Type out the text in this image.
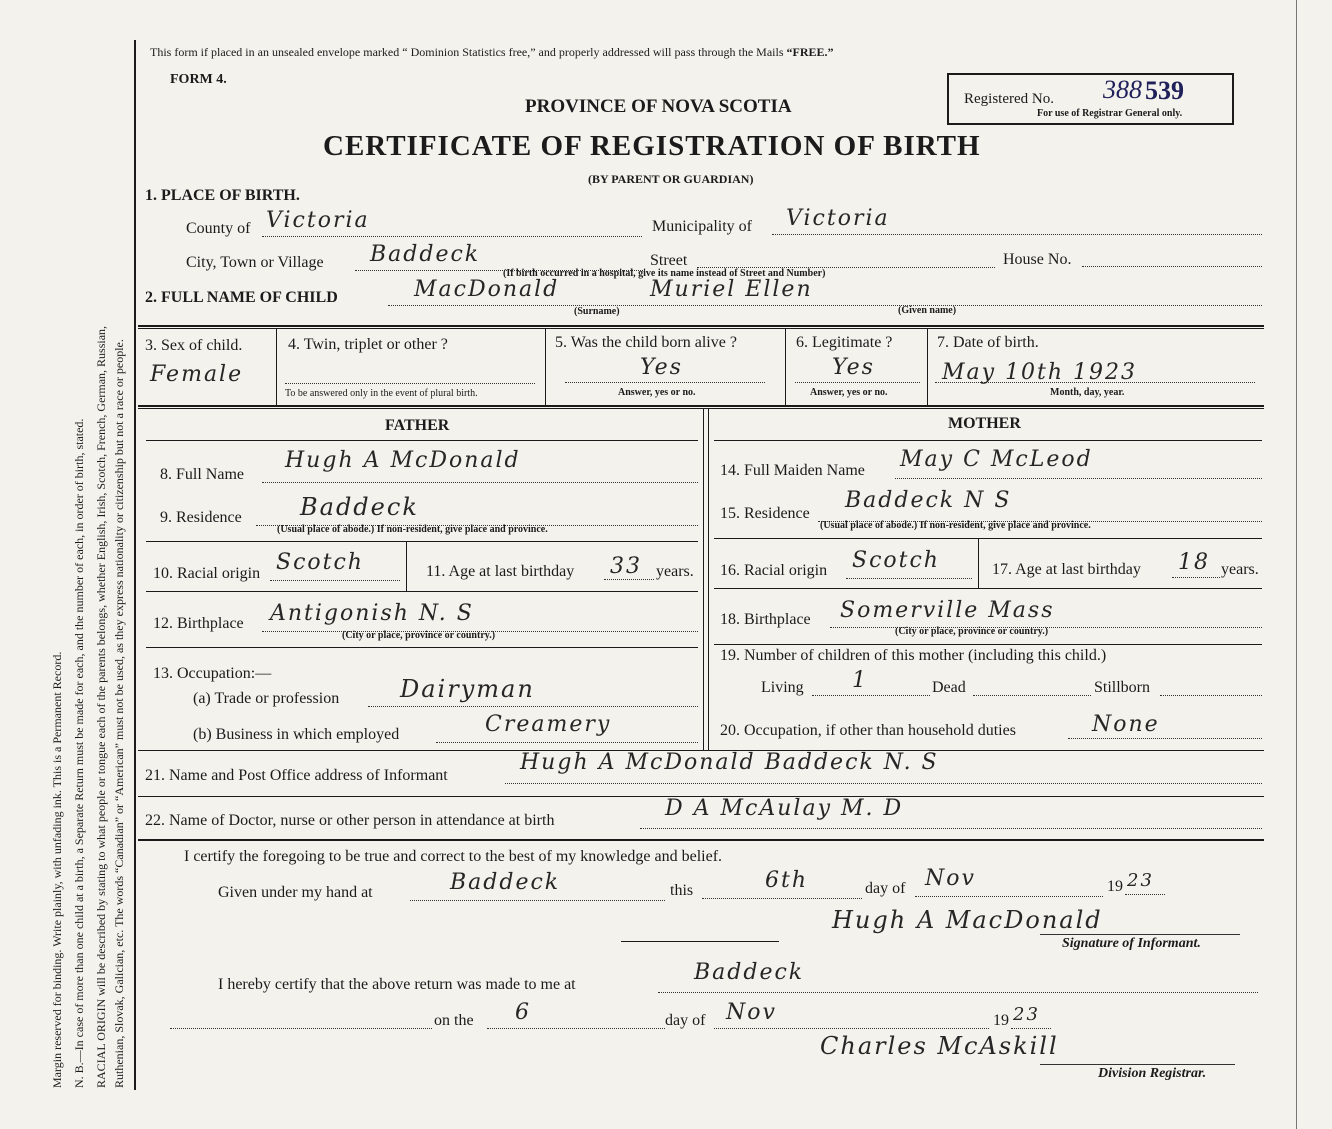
Margin reserved for binding. Write plainly, with unfading ink. This is a Permanent Record. N. B.—In case of more than one child at a birth, a Separate Return must be made for each, and the number of each, in order of birth, stated. RACIAL ORIGIN will be described by stating to what people or tongue each of the parents belongs, whether English, Irish, Scotch, French, German, Russian, Ruthenian, Slovak, Galician, etc. The words “Canadian” or “American” must not be used, as they express nationality or citizenship but not a race or people.
This form if placed in an unsealed envelope marked “ Dominion Statistics free,” and properly addressed will pass through the Mails “FREE.”
FORM 4.
PROVINCE OF NOVA SCOTIA
CERTIFICATE OF REGISTRATION OF BIRTH
(BY PARENT OR GUARDIAN)
Registered No. 388 539
For use of Registrar General only.
1. PLACE OF BIRTH.
County of Victoria	Municipality of Victoria
City, Town or Village Baddeck	Street	House No.
(If birth occurred in a hospital, give its name instead of Street and Number)
2. FULL NAME OF CHILD	MacDonald	Muriel Ellen
(Surname)	(Given name)
3. Sex of child.
Female
4. Twin, triplet or other ?
To be answered only in the event of plural birth.
5. Was the child born alive ?
Yes
Answer, yes or no.
6. Legitimate ?
Yes
Answer, yes or no.
7. Date of birth.
May 10th 1923
Month, day, year.
FATHER	MOTHER
8. Full Name
Hugh A McDonald
9. Residence Baddeck
(Usual place of abode.) If non-resident, give place and province.
10. Racial origin Scotch	11. Age at last birthday 33 years.
12. Birthplace Antigonish N. S
(City or place, province or country.)
13. Occupation:—
(a) Trade or profession	Dairyman
(b) Business in which employed	Creamery
14. Full Maiden Name May C McLeod
15. Residence
Baddeck N S
(Usual place of abode.) If non-resident, give place and province.
16. Racial origin Scotch	17. Age at last birthday 18 years.
18. Birthplace Somerville Mass
(City or place, province or country.)
19. Number of children of this mother (including this child.)
Living 1	Dead	Stillborn
20. Occupation, if other than household duties	None
21. Name and Post Office address of Informant
Hugh A McDonald Baddeck N. S
22. Name of Doctor, nurse or other person in attendance at birth	D A McAulay M. D
I certify the foregoing to be true and correct to the best of my knowledge and belief.
Given under my hand at	Baddeck	this	6th	day of Nov	19 23
Hugh A MacDonald
Signature of Informant.
I hereby certify that the above return was made to me at	Baddeck
on the 6	day of Nov	19 23
Charles McAskill
Division Registrar.
